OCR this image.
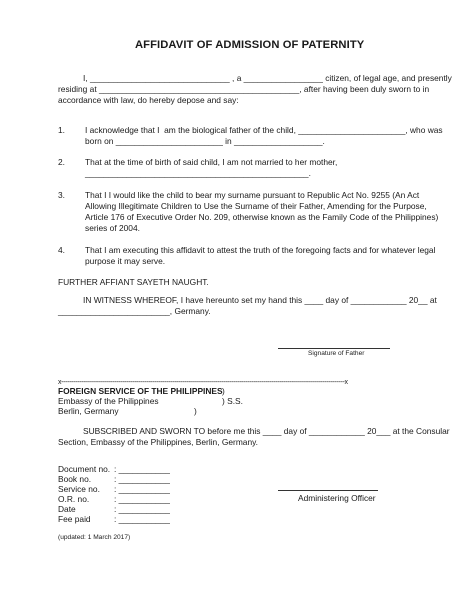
AFFIDAVIT OF ADMISSION OF PATERNITY
I, ______________________________ , a _________________ citizen, of legal age, and presently
residing at ___________________________________________, after having been duly sworn to in
accordance with law, do hereby depose and say:
1. I acknowledge that I  am the biological father of the child, _______________________, who was
born on _______________________ in ___________________.
2. That at the time of birth of said child, I am not married to her mother,
________________________________________________.
3. That I I would like the child to bear my surname pursuant to Republic Act No. 9255 (An Act
Allowing Illegitimate Children to Use the Surname of their Father, Amending for the Purpose,
Article 176 of Executive Order No. 209, otherwise known as the Family Code of the Philippines)
series of 2004.
4. That I am executing this affidavit to attest the truth of the foregoing facts and for whatever legal
purpose it may serve.
FURTHER AFFIANT SAYETH NAUGHT.
IN WITNESS WHEREOF, I have hereunto set my hand this ____ day of ____________ 20__ at
________________________, Germany.
Signature of Father
x-----------------------------------------------------------------------------------------------------------------------------------------------x
FOREIGN SERVICE OF THE PHILIPPINES )
Embassy of the Philippines	) S.S.
Berlin, Germany	)
SUBSCRIBED AND SWORN TO before me this ____ day of ____________ 20___ at the Consular
Section, Embassy of the Philippines, Berlin, Germany.
Document no. : ___________
Book no.	: ___________
Service no. : ___________
O.R. no.	: ___________
Date	: ___________
Fee paid	: ___________
Administering Officer
(updated: 1 March 2017)
